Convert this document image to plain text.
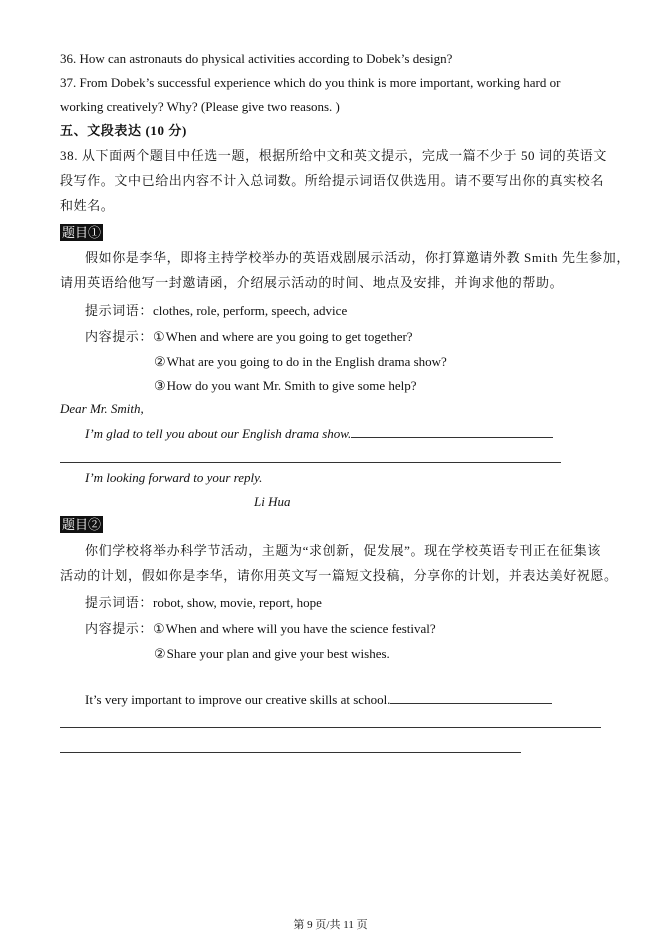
36. How can astronauts do physical activities according to Dobek’s design?
37. From Dobek’s successful experience which do you think is more important, working hard or
working creatively? Why? (Please give two reasons. )
五、文段表达 (10 分)
38. 从下面两个题目中任选一题，根据所给中文和英文提示，完成一篇不少于 50 词的英语文
段写作。文中已给出内容不计入总词数。所给提示词语仅供选用。请不要写出你的真实校名
和姓名。
题目①
假如你是李华，即将主持学校举办的英语戏剧展示活动，你打算邀请外教 Smith 先生参加，
请用英语给他写一封邀请函，介绍展示活动的时间、地点及安排，并询求他的帮助。
提示词语：clothes, role, perform, speech, advice
内容提示：①When and where are you going to get together?
②What are you going to do in the English drama show?
③How do you want Mr. Smith to give some help?
Dear Mr. Smith,
I’m glad to tell you about our English drama show.
I’m looking forward to your reply.
Li Hua
题目②
你们学校将举办科学节活动，主题为“求创新，促发展”。现在学校英语专刊正在征集该
活动的计划，假如你是李华，请你用英文写一篇短文投稿，分享你的计划，并表达美好祝愿。
提示词语：robot, show, movie, report, hope
内容提示：①When and where will you have the science festival?
②Share your plan and give your best wishes.
It’s very important to improve our creative skills at school.
第 9 页/共 11 页
